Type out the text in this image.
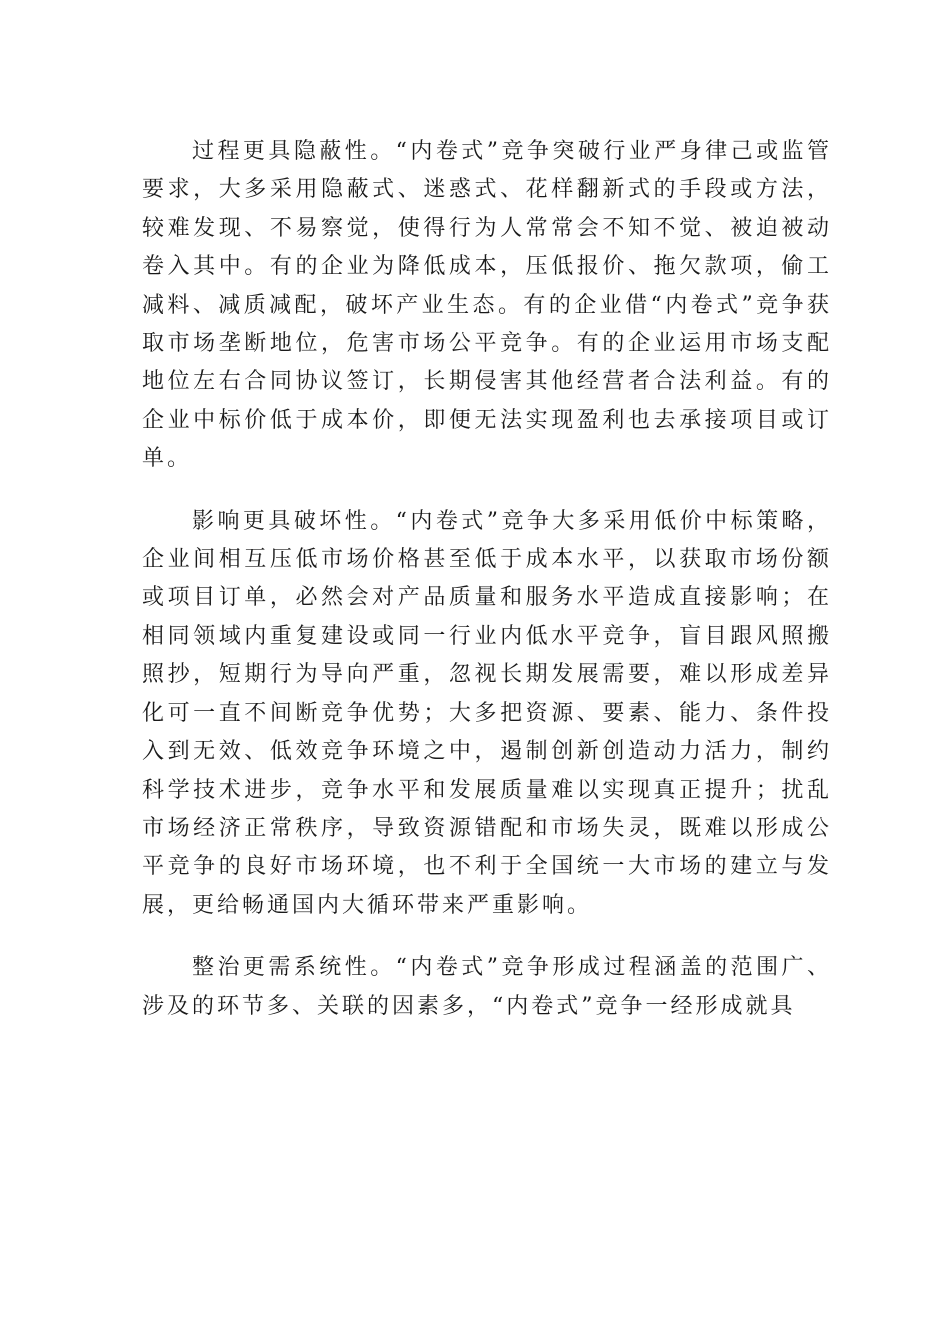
过程更具隐蔽性。“内卷式”竞争突破行业严身律己或监管要求，大多采用隐蔽式、迷惑式、花样翻新式的手段或方法，较难发现、不易察觉，使得行为人常常会不知不觉、被迫被动卷入其中。有的企业为降低成本，压低报价、拖欠款项，偷工减料、减质减配，破坏产业生态。有的企业借“内卷式”竞争获取市场垄断地位，危害市场公平竞争。有的企业运用市场支配地位左右合同协议签订，长期侵害其他经营者合法利益。有的企业中标价低于成本价，即便无法实现盈利也去承接项目或订单。

影响更具破坏性。“内卷式”竞争大多采用低价中标策略，企业间相互压低市场价格甚至低于成本水平，以获取市场份额或项目订单，必然会对产品质量和服务水平造成直接影响；在相同领域内重复建设或同一行业内低水平竞争，盲目跟风照搬照抄，短期行为导向严重，忽视长期发展需要，难以形成差异化可一直不间断竞争优势；大多把资源、要素、能力、条件投入到无效、低效竞争环境之中，遏制创新创造动力活力，制约科学技术进步，竞争水平和发展质量难以实现真正提升；扰乱市场经济正常秩序，导致资源错配和市场失灵，既难以形成公平竞争的良好市场环境，也不利于全国统一大市场的建立与发展，更给畅通国内大循环带来严重影响。

整治更需系统性。“内卷式”竞争形成过程涵盖的范围广、涉及的环节多、关联的因素多，“内卷式”竞争一经形成就具
